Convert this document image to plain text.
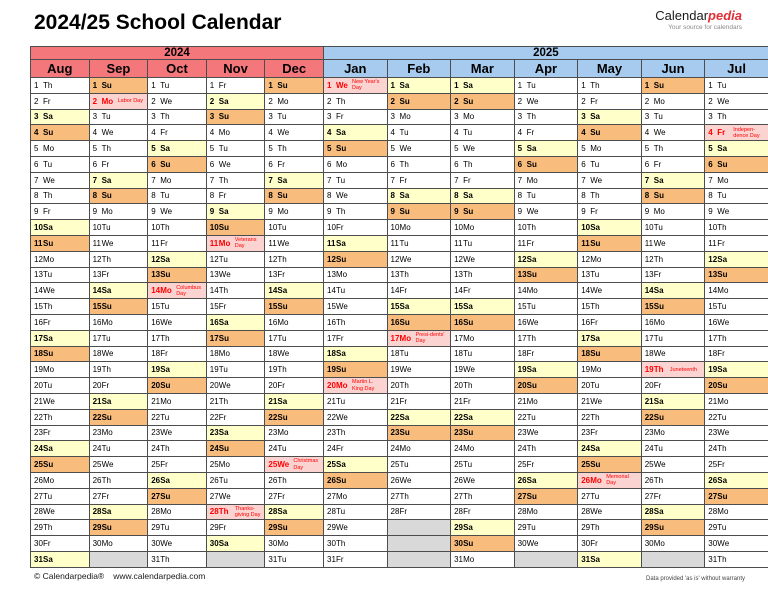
2024/25 School Calendar	Calendarpedia
Your source for calendars
2024					2025						
Aug	Sep	Oct	Nov	Dec	Jan	Feb	Mar	Apr	May	Jun	Jul

1 Th	1 Su	1 Tu	1 Fr	1 Su	1 We New Year's Day	1 Sa	1 Sa	1 Tu	1 Th	1 Su	1 Tu

2 Fr	2 Mo Labor Day	2 We	2 Sa	2 Mo	2 Th	2 Su	2 Su	2 We	2 Fr	2 Mo	2 We

3 Sa	3 Tu	3 Th	3 Su	3 Tu	3 Fr	3 Mo	3 Mo	3 Th	3 Sa	3 Tu	3 Th

4 Su	4 We	4 Fr	4 Mo	4 We	4 Sa	4 Tu	4 Tu	4 Fr	4 Su	4 We	4 Fr Indepen-dence Day

5 Mo	5 Th	5 Sa	5 Tu	5 Th	5 Su	5 We	5 We	5 Sa	5 Mo	5 Th	5 Sa

6 Tu	6 Fr	6 Su	6 We	6 Fr	6 Mo	6 Th	6 Th	6 Su	6 Tu	6 Fr	6 Su

7 We	7 Sa	7 Mo	7 Th	7 Sa	7 Tu	7 Fr	7 Fr	7 Mo	7 We	7 Sa	7 Mo

8 Th	8 Su	8 Tu	8 Fr	8 Su	8 We	8 Sa	8 Sa	8 Tu	8 Th	8 Su	8 Tu

9 Fr	9 Mo	9 We	9 Sa	9 Mo	9 Th	9 Su	9 Su	9 We	9 Fr	9 Mo	9 We

10 Sa	10 Tu	10 Th	10 Su	10 Tu	10 Fr	10 Mo	10 Mo	10 Th	10 Sa	10 Tu	10 Th

11 Su	11 We	11 Fr	11 Mo Veterans Day	11 We	11 Sa	11 Tu	11 Tu	11 Fr	11 Su	11 We	11 Fr

12 Mo	12 Th	12 Sa	12 Tu	12 Th	12 Su	12 We	12 We	12 Sa	12 Mo	12 Th	12 Sa

13 Tu	13 Fr	13 Su	13 We	13 Fr	13 Mo	13 Th	13 Th	13 Su	13 Tu	13 Fr	13 Su

14 We	14 Sa	14 Mo Columbus Day	14 Th	14 Sa	14 Tu	14 Fr	14 Fr	14 Mo	14 We	14 Sa	14 Mo

15 Th	15 Su	15 Tu	15 Fr	15 Su	15 We	15 Sa	15 Sa	15 Tu	15 Th	15 Su	15 Tu

16 Fr	16 Mo	16 We	16 Sa	16 Mo	16 Th	16 Su	16 Su	16 We	16 Fr	16 Mo	16 We

17 Sa	17 Tu	17 Th	17 Su	17 Tu	17 Fr	17 Mo Presi-dents' Day	17 Mo	17 Th	17 Sa	17 Tu	17 Th

18 Su	18 We	18 Fr	18 Mo	18 We	18 Sa	18 Tu	18 Tu	18 Fr	18 Su	18 We	18 Fr

19 Mo	19 Th	19 Sa	19 Tu	19 Th	19 Su	19 We	19 We	19 Sa	19 Mo	19 Th Juneteenth	19 Sa

20 Tu	20 Fr	20 Su	20 We	20 Fr	20 Mo Martin L. King Day	20 Th	20 Th	20 Su	20 Tu	20 Fr	20 Su

21 We	21 Sa	21 Mo	21 Th	21 Sa	21 Tu	21 Fr	21 Fr	21 Mo	21 We	21 Sa	21 Mo

22 Th	22 Su	22 Tu	22 Fr	22 Su	22 We	22 Sa	22 Sa	22 Tu	22 Th	22 Su	22 Tu

23 Fr	23 Mo	23 We	23 Sa	23 Mo	23 Th	23 Su	23 Su	23 We	23 Fr	23 Mo	23 We

24 Sa	24 Tu	24 Th	24 Su	24 Tu	24 Fr	24 Mo	24 Mo	24 Th	24 Sa	24 Tu	24 Th

25 Su	25 We	25 Fr	25 Mo	25 We Christmas Day	25 Sa	25 Tu	25 Tu	25 Fr	25 Su	25 We	25 Fr

26 Mo	26 Th	26 Sa	26 Tu	26 Th	26 Su	26 We	26 We	26 Sa	26 Mo Memorial Day	26 Th	26 Sa

27 Tu	27 Fr	27 Su	27 We	27 Fr	27 Mo	27 Th	27 Th	27 Su	27 Tu	27 Fr	27 Su

28 We	28 Sa	28 Mo	28 Th Thanks-giving Day	28 Sa	28 Tu	28 Fr	28 Fr	28 Mo	28 We	28 Sa	28 Mo

29 Th	29 Su	29 Tu	29 Fr	29 Su	29 We		29 Sa	29 Tu	29 Th	29 Su	29 Tu

30 Fr	30 Mo	30 We	30 Sa	30 Mo	30 Th		30 Su	30 We	30 Fr	30 Mo	30 We

31 Sa		31 Th		31 Tu	31 Fr		31 Mo		31 Sa		31 Th
© Calendarpedia® www.calendarpedia.com	Data provided 'as is' without warranty
